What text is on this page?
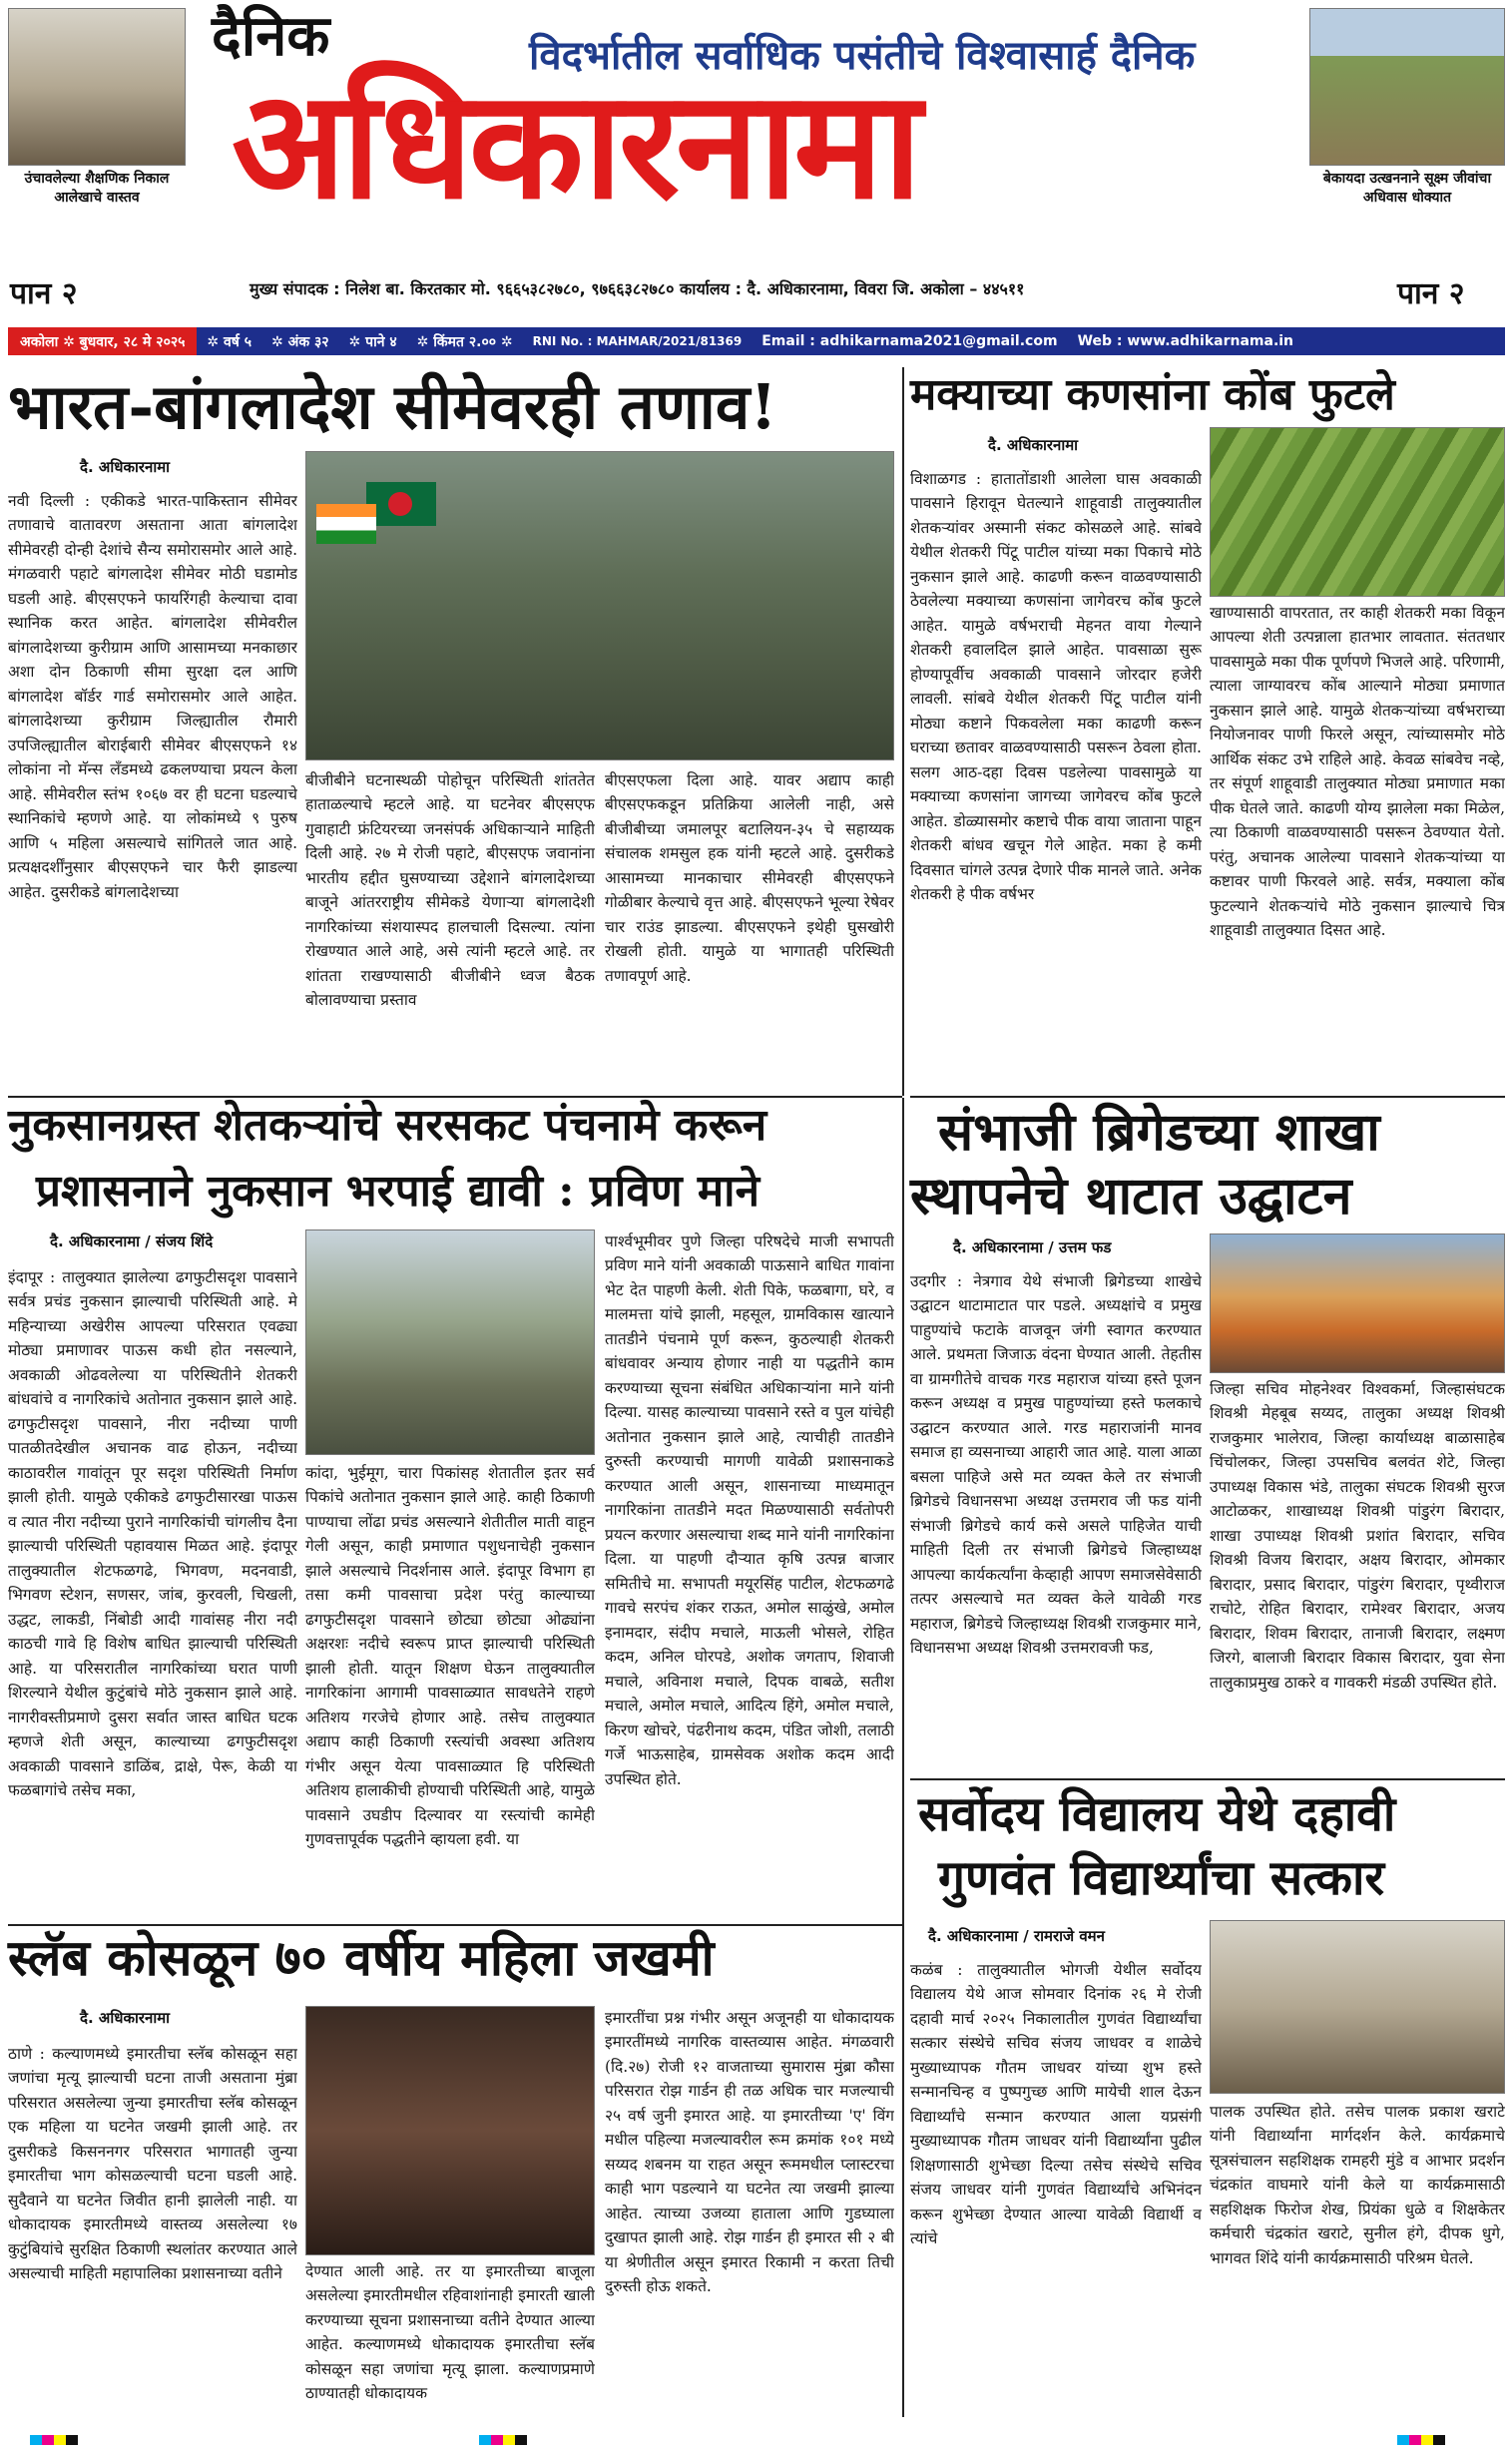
उंचावलेल्या शैक्षणिक निकाल आलेखाचे वास्तव
बेकायदा उत्खननाने सूक्ष्म जीवांचा अधिवास धोक्यात
दैनिक	विदर्भातील सर्वाधिक पसंतीचे विश्वासार्ह दैनिक
अधिकारनामा
पान २	पान २
मुख्य संपादक : निलेश बा. किरतकार मो. ९६६५३८२७८०, ९७६६३८२७८० कार्यालय : दै. अधिकारनामा, विवरा जि. अकोला – ४४५११
अकोला ✲ बुधवार, २८ मे २०२५	✲ वर्ष ५	✲ अंक ३२	✲ पाने ४	✲ किंमत २.०० ✲	RNI No. : MAHMAR/2021/81369	Email : adhikarnama2021@gmail.com	Web : www.adhikarnama.in
भारत-बांगलादेश सीमेवरही तणाव!
दै. अधिकारनामा
नवी दिल्ली : एकीकडे भारत-पाकिस्तान सीमेवर तणावाचे वातावरण असताना आता बांगलादेश सीमेवरही दोन्ही देशांचे सैन्य समोरासमोर आले आहे. मंगळवारी पहाटे बांगलादेश सीमेवर मोठी घडामोड घडली आहे. बीएसएफने फायरिंगही केल्याचा दावा स्थानिक करत आहेत. बांगलादेश सीमेवरील बांगलादेशच्या कुरीग्राम आणि आसामच्या मनकाछार अशा दोन ठिकाणी सीमा सुरक्षा दल आणि बांगलादेश बॉर्डर गार्ड समोरासमोर आले आहेत. बांगलादेशच्या कुरीग्राम जिल्ह्यातील रौमारी उपजिल्ह्यातील बोराईबारी सीमेवर बीएसएफने १४ लोकांना नो मॅन्स लँडमध्ये ढकलण्याचा प्रयत्न केला आहे. सीमेवरील स्तंभ १०६७ वर ही घटना घडल्याचे स्थानिकांचे म्हणणे आहे. या लोकांमध्ये ९ पुरुष आणि ५ महिला असल्याचे सांगितले जात आहे. प्रत्यक्षदर्शींनुसार बीएसएफने चार फैरी झाडल्या आहेत. दुसरीकडे बांगलादेशच्या
बीजीबीने घटनास्थळी पोहोचून परिस्थिती शांततेत हाताळल्याचे म्हटले आहे. या घटनेवर बीएसएफ गुवाहाटी फ्रंटियरच्या जनसंपर्क अधिकाऱ्याने माहिती दिली आहे. २७ मे रोजी पहाटे, बीएसएफ जवानांना भारतीय हद्दीत घुसण्याच्या उद्देशाने बांगलादेशच्या बाजूने आंतरराष्ट्रीय सीमेकडे येणाऱ्या बांगलादेशी नागरिकांच्या संशयास्पद हालचाली दिसल्या. त्यांना रोखण्यात आले आहे, असे त्यांनी म्हटले आहे. तर शांतता राखण्यासाठी बीजीबीने ध्वज बैठक बोलावण्याचा प्रस्ताव
बीएसएफला दिला आहे. यावर अद्याप काही बीएसएफकडून प्रतिक्रिया आलेली नाही, असे बीजीबीच्या जमालपूर बटालियन-३५ चे सहाय्यक संचालक शमसुल हक यांनी म्हटले आहे. दुसरीकडे आसामच्या मानकाचार सीमेवरही बीएसएफने गोळीबार केल्याचे वृत्त आहे. बीएसएफने भूल्या रेषेवर चार राउंड झाडल्या. बीएसएफने इथेही घुसखोरी रोखली होती. यामुळे या भागातही परिस्थिती तणावपूर्ण आहे.
मक्याच्या कणसांना कोंब फुटले
दै. अधिकारनामा
विशाळगड : हातातोंडाशी आलेला घास अवकाळी पावसाने हिरावून घेतल्याने शाहूवाडी तालुक्यातील शेतकऱ्यांवर अस्मानी संकट कोसळले आहे. सांबवे येथील शेतकरी पिंटू पाटील यांच्या मका पिकाचे मोठे नुकसान झाले आहे. काढणी करून वाळवण्यासाठी ठेवलेल्या मक्याच्या कणसांना जागेवरच कोंब फुटले आहेत. यामुळे वर्षभराची मेहनत वाया गेल्याने शेतकरी हवालदिल झाले आहेत. पावसाळा सुरू होण्यापूर्वीच अवकाळी पावसाने जोरदार हजेरी लावली. सांबवे येथील शेतकरी पिंटू पाटील यांनी मोठ्या कष्टाने पिकवलेला मका काढणी करून घराच्या छतावर वाळवण्यासाठी पसरून ठेवला होता. सलग आठ-दहा दिवस पडलेल्या पावसामुळे या मक्याच्या कणसांना जागच्या जागेवरच कोंब फुटले आहेत. डोळ्यासमोर कष्टाचे पीक वाया जाताना पाहून शेतकरी बांधव खचून गेले आहेत. मका हे कमी दिवसात चांगले उत्पन्न देणारे पीक मानले जाते. अनेक शेतकरी हे पीक वर्षभर
खाण्यासाठी वापरतात, तर काही शेतकरी मका विकून आपल्या शेती उत्पन्नाला हातभार लावतात. संततधार पावसामुळे मका पीक पूर्णपणे भिजले आहे. परिणामी, त्याला जाग्यावरच कोंब आल्याने मोठ्या प्रमाणात नुकसान झाले आहे. यामुळे शेतकऱ्यांच्या वर्षभराच्या नियोजनावर पाणी फिरले असून, त्यांच्यासमोर मोठे आर्थिक संकट उभे राहिले आहे. केवळ सांबवेच नव्हे, तर संपूर्ण शाहूवाडी तालुक्यात मोठ्या प्रमाणात मका पीक घेतले जाते. काढणी योग्य झालेला मका मिळेल, त्या ठिकाणी वाळवण्यासाठी पसरून ठेवण्यात येतो. परंतु, अचानक आलेल्या पावसाने शेतकऱ्यांच्या या कष्टावर पाणी फिरवले आहे. सर्वत्र, मक्याला कोंब फुटल्याने शेतकऱ्यांचे मोठे नुकसान झाल्याचे चित्र शाहूवाडी तालुक्यात दिसत आहे.
नुकसानग्रस्त शेतकऱ्यांचे सरसकट पंचनामे करून
प्रशासनाने नुकसान भरपाई द्यावी : प्रविण माने
दै. अधिकारनामा / संजय शिंदे
इंदापूर : तालुक्यात झालेल्या ढगफुटीसदृश पावसाने सर्वत्र प्रचंड नुकसान झाल्याची परिस्थिती आहे. मे महिन्याच्या अखेरीस आपल्या परिसरात एवढ्या मोठ्या प्रमाणावर पाऊस कधी होत नसल्याने, अवकाळी ओढवलेल्या या परिस्थितीने शेतकरी बांधवांचे व नागरिकांचे अतोनात नुकसान झाले आहे. ढगफुटीसदृश पावसाने, नीरा नदीच्या पाणी पातळीतदेखील अचानक वाढ होऊन, नदीच्या काठावरील गावांतून पूर सदृश परिस्थिती निर्माण झाली होती. यामुळे एकीकडे ढगफुटीसारखा पाऊस व त्यात नीरा नदीच्या पुराने नागरिकांची चांगलीच दैना झाल्याची परिस्थिती पहावयास मिळत आहे. इंदापूर तालुक्यातील शेटफळगढे, भिगवण, मदनवाडी, भिगवण स्टेशन, सणसर, जांब, कुरवली, चिखली, उद्धट, लाकडी, निंबोडी आदी गावांसह नीरा नदी काठची गावे हि विशेष बाधित झाल्याची परिस्थिती आहे. या परिसरातील नागरिकांच्या घरात पाणी शिरल्याने येथील कुटुंबांचे मोठे नुकसान झाले आहे. नागरीवस्तीप्रमाणे दुसरा सर्वात जास्त बाधित घटक म्हणजे शेती असून, काल्याच्या ढगफुटीसदृश अवकाळी पावसाने डाळिंब, द्राक्षे, पेरू, केळी या फळबागांचे तसेच मका,
कांदा, भुईमूग, चारा पिकांसह शेतातील इतर सर्व पिकांचे अतोनात नुकसान झाले आहे. काही ठिकाणी पाण्याचा लोंढा प्रचंड असल्याने शेतीतील माती वाहून गेली असून, काही प्रमाणात पशुधनाचेही नुकसान झाले असल्याचे निदर्शनास आले. इंदापूर विभाग हा तसा कमी पावसाचा प्रदेश परंतु काल्याच्या ढगफुटीसदृश पावसाने छोट्या छोट्या ओढ्यांना अक्षरशः नदीचे स्वरूप प्राप्त झाल्याची परिस्थिती झाली होती. यातून शिक्षण घेऊन तालुक्यातील नागरिकांना आगामी पावसाळ्यात सावधतेने राहणे अतिशय गरजेचे होणार आहे. तसेच तालुक्यात अद्याप काही ठिकाणी रस्त्यांची अवस्था अतिशय गंभीर असून येत्या पावसाळ्यात हि परिस्थिती अतिशय हालाकीची होण्याची परिस्थिती आहे, यामुळे पावसाने उघडीप दिल्यावर या रस्त्यांची कामेही गुणवत्तापूर्वक पद्धतीने व्हायला हवी. या
पार्श्वभूमीवर पुणे जिल्हा परिषदेचे माजी सभापती प्रविण माने यांनी अवकाळी पाऊसाने बाधित गावांना भेट देत पाहणी केली. शेती पिके, फळबागा, घरे, व मालमत्ता यांचे झाली, महसूल, ग्रामविकास खात्याने तातडीने पंचनामे पूर्ण करून, कुठल्याही शेतकरी बांधवावर अन्याय होणार नाही या पद्धतीने काम करण्याच्या सूचना संबंधित अधिकाऱ्यांना माने यांनी दिल्या. यासह काल्याच्या पावसाने रस्ते व पुल यांचेही अतोनात नुकसान झाले आहे, त्याचीही तातडीने दुरुस्ती करण्याची मागणी यावेळी प्रशासनाकडे करण्यात आली असून, शासनाच्या माध्यमातून नागरिकांना तातडीने मदत मिळण्यासाठी सर्वतोपरी प्रयत्न करणार असल्याचा शब्द माने यांनी नागरिकांना दिला. या पाहणी दौऱ्यात कृषि उत्पन्न बाजार समितीचे मा. सभापती मयूरसिंह पाटील, शेटफळगढे गावचे सरपंच शंकर राऊत, अमोल साळुंखे, अमोल इनामदार, संदीप मचाले, माऊली भोसले, रोहित कदम, अनिल घोरपडे, अशोक जगताप, शिवाजी मचाले, अविनाश मचाले, दिपक वाबळे, सतीश मचाले, अमोल मचाले, आदित्य हिंगे, अमोल मचाले, किरण खोचरे, पंढरीनाथ कदम, पंडित जोशी, तलाठी गर्जे भाऊसाहेब, ग्रामसेवक अशोक कदम आदी उपस्थित होते.
संभाजी ब्रिगेडच्या शाखा
स्थापनेचे थाटात उद्घाटन
दै. अधिकारनामा / उत्तम फड
उदगीर : नेत्रगाव येथे संभाजी ब्रिगेडच्या शाखेचे उद्घाटन थाटामाटात पार पडले. अध्यक्षांचे व प्रमुख पाहुण्यांचे फटाके वाजवून जंगी स्वागत करण्यात आले. प्रथमता जिजाऊ वंदना घेण्यात आली. तेहतीस वा ग्रामगीतेचे वाचक गरड महाराज यांच्या हस्ते पूजन करून अध्यक्ष व प्रमुख पाहुण्यांच्या हस्ते फलकाचे उद्घाटन करण्यात आले. गरड महाराजांनी मानव समाज हा व्यसनाच्या आहारी जात आहे. याला आळा बसला पाहिजे असे मत व्यक्त केले तर संभाजी ब्रिगेडचे विधानसभा अध्यक्ष उत्तमराव जी फड यांनी संभाजी ब्रिगेडचे कार्य कसे असले पाहिजेत याची माहिती दिली तर संभाजी ब्रिगेडचे जिल्हाध्यक्ष आपल्या कार्यकर्त्यांना केव्हाही आपण समाजसेवेसाठी तत्पर असल्याचे मत व्यक्त केले यावेळी गरड महाराज, ब्रिगेडचे जिल्हाध्यक्ष शिवश्री राजकुमार माने, विधानसभा अध्यक्ष शिवश्री उत्तमरावजी फड,
जिल्हा सचिव मोहनेश्वर विश्वकर्मा, जिल्हासंघटक शिवश्री मेहबूब सय्यद, तालुका अध्यक्ष शिवश्री राजकुमार भालेराव, जिल्हा कार्याध्यक्ष बाळासाहेब चिंचोलकर, जिल्हा उपसचिव बलवंत शेटे, जिल्हा उपाध्यक्ष विकास भंडे, तालुका संघटक शिवश्री सुरज आटोळकर, शाखाध्यक्ष शिवश्री पांडुरंग बिरादार, शाखा उपाध्यक्ष शिवश्री प्रशांत बिरादार, सचिव शिवश्री विजय बिरादार, अक्षय बिरादार, ओमकार बिरादार, प्रसाद बिरादार, पांडुरंग बिरादार, पृथ्वीराज राचोटे, रोहित बिरादार, रामेश्वर बिरादार, अजय बिरादार, शिवम बिरादार, तानाजी बिरादार, लक्ष्मण जिरगे, बालाजी बिरादार विकास बिरादार, युवा सेना तालुकाप्रमुख ठाकरे व गावकरी मंडळी उपस्थित होते.
सर्वोदय विद्यालय येथे दहावी
गुणवंत विद्यार्थ्यांचा सत्कार
दै. अधिकारनामा / रामराजे वमन
कळंब : तालुक्यातील भोगजी येथील सर्वोदय विद्यालय येथे आज सोमवार दिनांक २६ मे रोजी दहावी मार्च २०२५ निकालातील गुणवंत विद्यार्थ्यांचा सत्कार संस्थेचे सचिव संजय जाधवर व शाळेचे मुख्याध्यापक गौतम जाधवर यांच्या शुभ हस्ते सन्मानचिन्ह व पुष्पगुच्छ आणि मायेची शाल देऊन विद्यार्थ्यांचे सन्मान करण्यात आला यप्रसंगी मुख्याध्यापक गौतम जाधवर यांनी विद्यार्थ्यांना पुढील शिक्षणासाठी शुभेच्छा दिल्या तसेच संस्थेचे सचिव संजय जाधवर यांनी गुणवंत विद्यार्थ्यांचे अभिनंदन करून शुभेच्छा देण्यात आल्या यावेळी विद्यार्थी व त्यांचे
पालक उपस्थित होते. तसेच पालक प्रकाश खराटे यांनी विद्यार्थ्यांना मार्गदर्शन केले. कार्यक्रमाचे सूत्रसंचालन सहशिक्षक रामहरी मुंडे व आभार प्रदर्शन चंद्रकांत वाघमारे यांनी केले या कार्यक्रमासाठी सहशिक्षक फिरोज शेख, प्रियंका धुळे व शिक्षकेतर कर्मचारी चंद्रकांत खराटे, सुनील हंगे, दीपक धुगे, भागवत शिंदे यांनी कार्यक्रमासाठी परिश्रम घेतले.
स्लॅब कोसळून ७० वर्षीय महिला जखमी
दै. अधिकारनामा
ठाणे : कल्याणमध्ये इमारतीचा स्लॅब कोसळून सहा जणांचा मृत्यू झाल्याची घटना ताजी असताना मुंब्रा परिसरात असलेल्या जुन्या इमारतीचा स्लॅब कोसळून एक महिला या घटनेत जखमी झाली आहे. तर दुसरीकडे किसननगर परिसरात भागातही जुन्या इमारतीचा भाग कोसळल्याची घटना घडली आहे. सुदैवाने या घटनेत जिवीत हानी झालेली नाही. या धोकादायक इमारतीमध्ये वास्तव्य असलेल्या १७ कुटुंबियांचे सुरक्षित ठिकाणी स्थलांतर करण्यात आले असल्याची माहिती महापालिका प्रशासनाच्या वतीने	देण्यात आली आहे. तर या इमारतीच्या बाजूला असलेल्या इमारतीमधील रहिवाशांनाही इमारती खाली करण्याच्या सूचना प्रशासनाच्या वतीने देण्यात आल्या आहेत. कल्याणमध्ये धोकादायक इमारतीचा स्लॅब कोसळून सहा जणांचा मृत्यू झाला. कल्याणप्रमाणे ठाण्यातही धोकादायक
इमारतींचा प्रश्न गंभीर असून अजूनही या धोकादायक इमारतींमध्ये नागरिक वास्तव्यास आहेत. मंगळवारी (दि.२७) रोजी १२ वाजताच्या सुमारास मुंब्रा कौसा परिसरात रोझ गार्डन ही तळ अधिक चार मजल्याची २५ वर्ष जुनी इमारत आहे. या इमारतीच्या 'ए' विंग मधील पहिल्या मजल्यावरील रूम क्रमांक १०१ मध्ये सय्यद शबनम या राहत असून रूममधील प्लास्टरचा काही भाग पडल्याने या घटनेत त्या जखमी झाल्या आहेत. त्याच्या उजव्या हाताला आणि गुडघ्याला दुखापत झाली आहे. रोझ गार्डन ही इमारत सी २ बी या श्रेणीतील असून इमारत रिकामी न करता तिची दुरुस्ती होऊ शकते.
